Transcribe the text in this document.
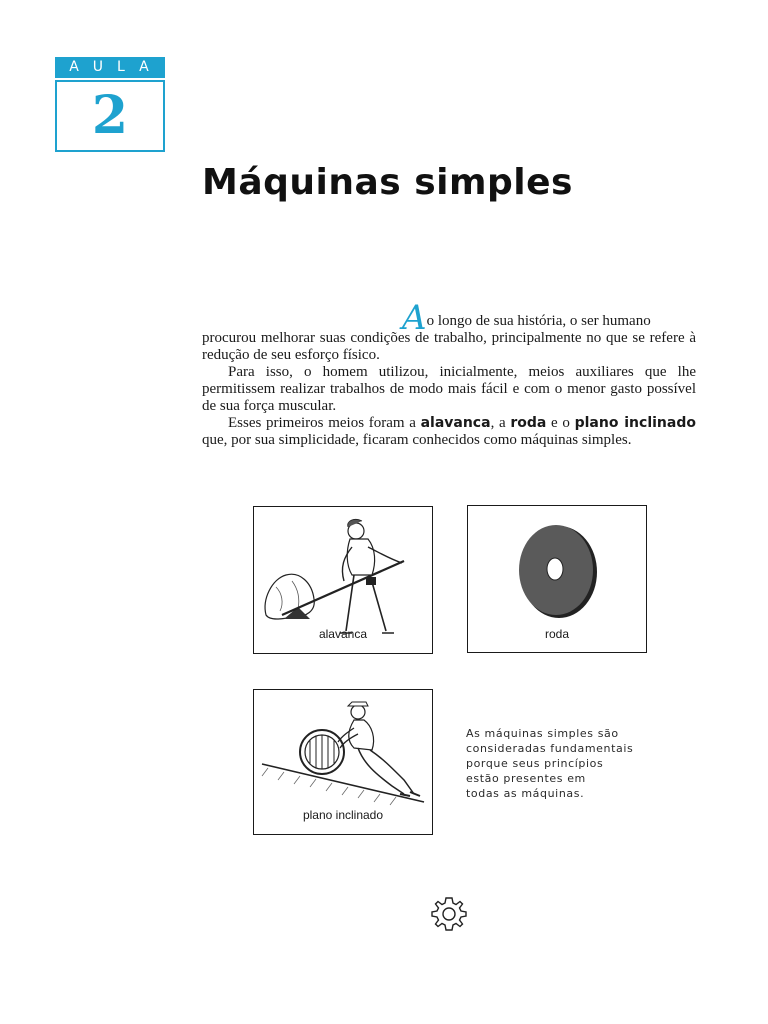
AULA
2
Máquinas simples

Ao longo de sua história, o ser humano

procurou melhorar suas condições de trabalho, principalmente no que se refere à redução de seu esforço físico.

Para isso, o homem utilizou, inicialmente, meios auxiliares que lhe permitissem realizar trabalhos de modo mais fácil e com o menor gasto possível de sua força muscular.

Esses primeiros meios foram a alavanca, a roda e o plano inclinado que, por sua simplicidade, ficaram conhecidos como máquinas simples.

alavanca	roda
plano inclinado
As máquinas simples são
consideradas fundamentais
porque seus princípios
estão presentes em
todas as máquinas.
